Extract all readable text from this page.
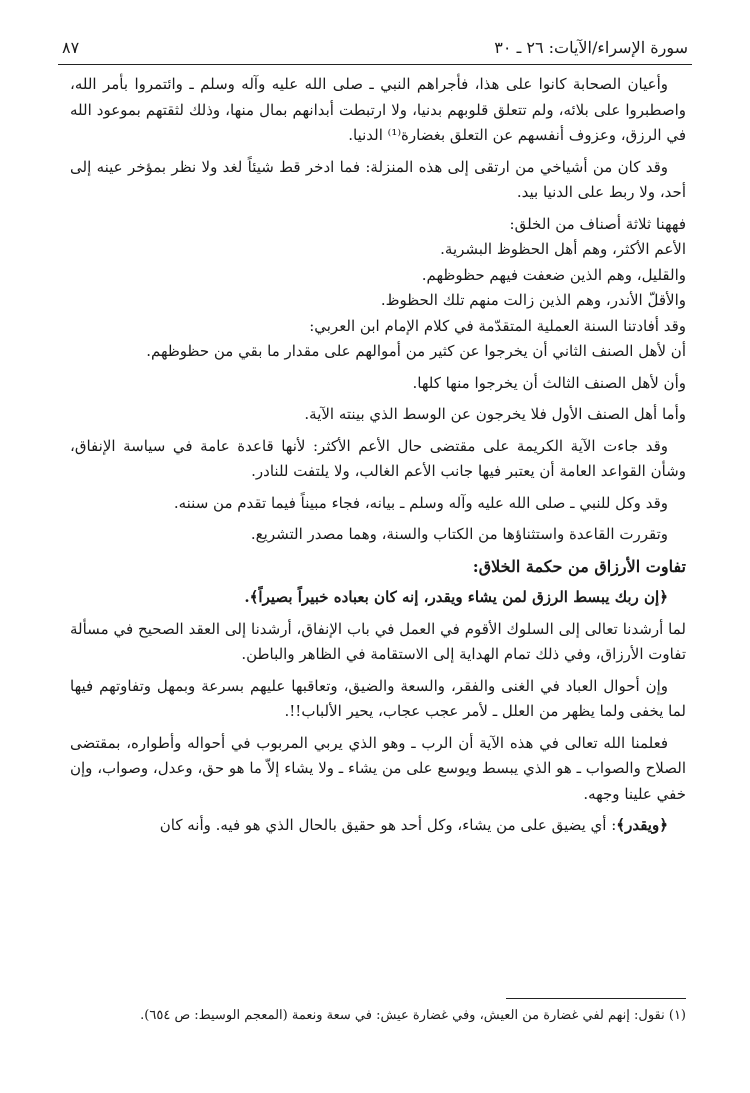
سورة الإسراء/الآيات: ٢٦ ـ ٣٠
٨٧

وأعيان الصحابة كانوا على هذا، فأجراهم النبي ـ صلى الله عليه وآله وسلم ـ وائتمروا بأمر الله، واصطبروا على بلائه، ولم تتعلق قلوبهم بدنيا، ولا ارتبطت أبدانهم بمال منها، وذلك لثقتهم بموعود الله في الرزق، وعزوف أنفسهم عن التعلق بغضارة⁽¹⁾ الدنيا.

وقد كان من أشياخي من ارتقى إلى هذه المنزلة: فما ادخر قط شيئاً لغد ولا نظر بمؤخر عينه إلى أحد، ولا ربط على الدنيا بيد.

فههنا ثلاثة أصناف من الخلق:
الأعم الأكثر، وهم أهل الحظوظ البشرية.
والقليل، وهم الذين ضعفت فيهم حظوظهم.
والأقلّ الأندر، وهم الذين زالت منهم تلك الحظوظ.
وقد أفادتنا السنة العملية المتقدّمة في كلام الإمام ابن العربي:
أن لأهل الصنف الثاني أن يخرجوا عن كثير من أموالهم على مقدار ما بقي من حظوظهم.

وأن لأهل الصنف الثالث أن يخرجوا منها كلها.

وأما أهل الصنف الأول فلا يخرجون عن الوسط الذي بينته الآية.

وقد جاءت الآية الكريمة على مقتضى حال الأعم الأكثر: لأنها قاعدة عامة في سياسة الإنفاق، وشأن القواعد العامة أن يعتبر فيها جانب الأعم الغالب، ولا يلتفت للنادر.

وقد وكل للنبي ـ صلى الله عليه وآله وسلم ـ بيانه، فجاء مبيناً فيما تقدم من سننه.

وتقررت القاعدة واستثناؤها من الكتاب والسنة، وهما مصدر التشريع.

تفاوت الأرزاق من حكمة الخلاق:

﴿إن ربك يبسط الرزق لمن يشاء ويقدر، إنه كان بعباده خبيراً بصيراً﴾.

لما أرشدنا تعالى إلى السلوك الأقوم في العمل في باب الإنفاق، أرشدنا إلى العقد الصحيح في مسألة تفاوت الأرزاق، وفي ذلك تمام الهداية إلى الاستقامة في الظاهر والباطن.

وإن أحوال العباد في الغنى والفقر، والسعة والضيق، وتعاقبها عليهم بسرعة وبمهل وتفاوتهم فيها لما يخفى ولما يظهر من العلل ـ لأمر عجب عجاب، يحير الألباب!!.

فعلمنا الله تعالى في هذه الآية أن الرب ـ وهو الذي يربي المربوب في أحواله وأطواره، بمقتضى الصلاح والصواب ـ هو الذي يبسط ويوسع على من يشاء ـ ولا يشاء إلاّ ما هو حق، وعدل، وصواب، وإن خفي علينا وجهه.

﴿ويقدر﴾: أي يضيق على من يشاء، وكل أحد هو حقيق بالحال الذي هو فيه. وأنه كان

(١) نقول: إنهم لفي غضارة من العيش، وفي غضارة عيش: في سعة ونعمة (المعجم الوسيط: ص ٦٥٤).
